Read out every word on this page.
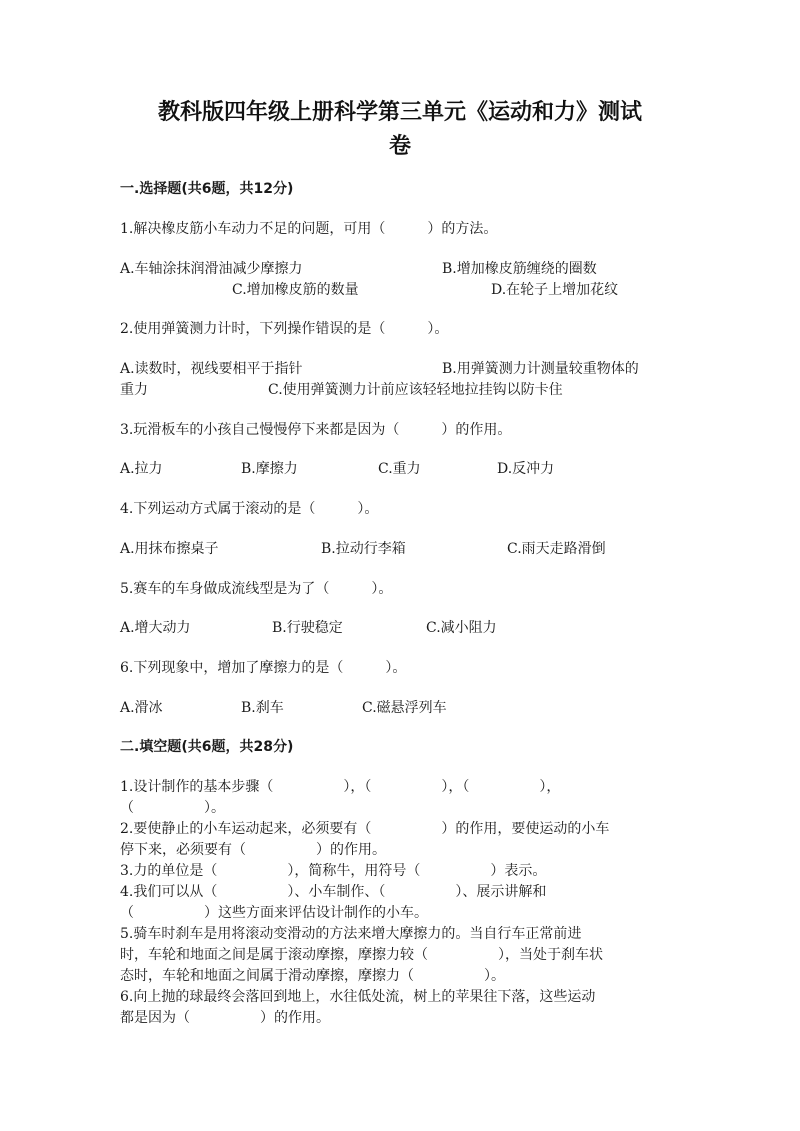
教科版四年级上册科学第三单元《运动和力》测试
卷
一.选择题(共6题，共12分)
1.解决橡皮筋小车动力不足的问题，可用（　　　）的方法。
A.车轴涂抹润滑油减少摩擦力	B.增加橡皮筋缠绕的圈数
C.增加橡皮筋的数量	D.在轮子上增加花纹
2.使用弹簧测力计时，下列操作错误的是（　　　）。
A.读数时，视线要相平于指针	B.用弹簧测力计测量较重物体的
重力	C.使用弹簧测力计前应该轻轻地拉挂钩以防卡住
3.玩滑板车的小孩自己慢慢停下来都是因为（　　　）的作用。
A.拉力	B.摩擦力	C.重力	D.反冲力
4.下列运动方式属于滚动的是（　　　）。
A.用抹布擦桌子	B.拉动行李箱	C.雨天走路滑倒
5.赛车的车身做成流线型是为了（　　　）。
A.增大动力	B.行驶稳定	C.减小阻力
6.下列现象中，增加了摩擦力的是（　　　）。
A.滑冰	B.刹车	C.磁悬浮列车
二.填空题(共6题，共28分)
1.设计制作的基本步骤（　　　　　），（　　　　　），（　　　　　），
（　　　　　）。
2.要使静止的小车运动起来，必须要有（　　　　　）的作用，要使运动的小车
停下来，必须要有（　　　　　）的作用。
3.力的单位是（　　　　　），简称牛，用符号（　　　　　）表示。
4.我们可以从（　　　　　）、小车制作、（　　　　　）、展示讲解和
（　　　　　）这些方面来评估设计制作的小车。
5.骑车时刹车是用将滚动变滑动的方法来增大摩擦力的。当自行车正常前进
时，车轮和地面之间是属于滚动摩擦，摩擦力较（　　　　　），当处于刹车状
态时，车轮和地面之间属于滑动摩擦，摩擦力（　　　　　）。
6.向上抛的球最终会落回到地上，水往低处流，树上的苹果往下落，这些运动
都是因为（　　　　　）的作用。
